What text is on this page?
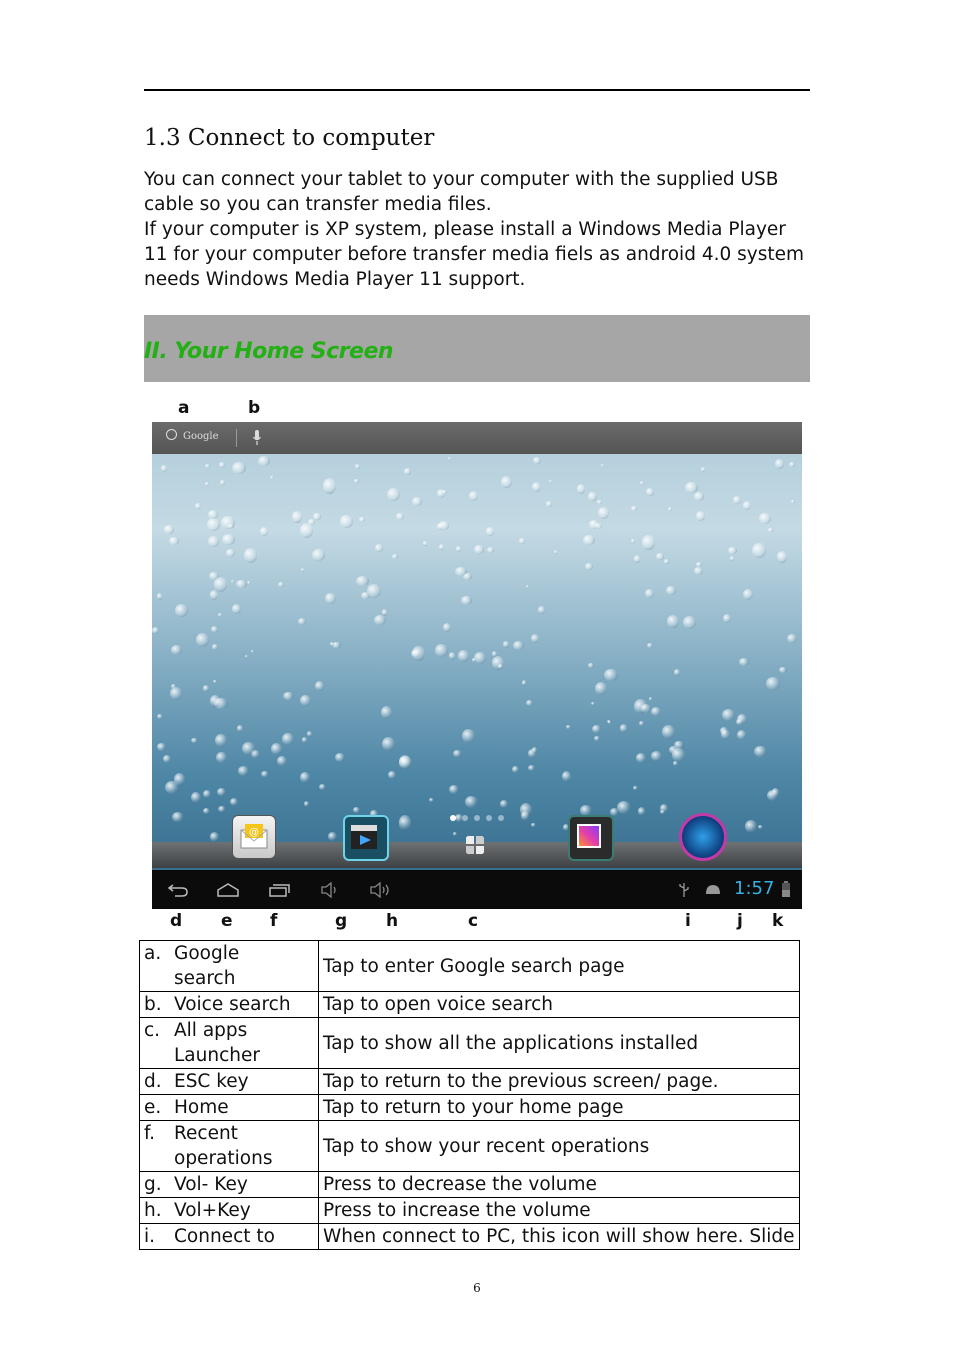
1.3 Connect to computer

You can connect your tablet to your computer with the supplied USB cable so you can transfer media files.

If your computer is XP system, please install a Windows Media Player 11 for your computer before transfer media fiels as android 4.0 system needs Windows Media Player 11 support.

II. Your Home Screen
a	b
Google
@
1:57
d e f	g h	c	i	j k
a. Google search	Tap to enter Google search page
b. Voice search	Tap to open voice search
c. All apps Launcher	Tap to show all the applications installed
d. ESC key	Tap to return to the previous screen/ page.
e. Home	Tap to return to your home page
f. Recent operations	Tap to show your recent operations
g. Vol- Key	Press to decrease the volume
h. Vol+Key	Press to increase the volume
i. Connect to	When connect to PC, this icon will show here. Slide
6
